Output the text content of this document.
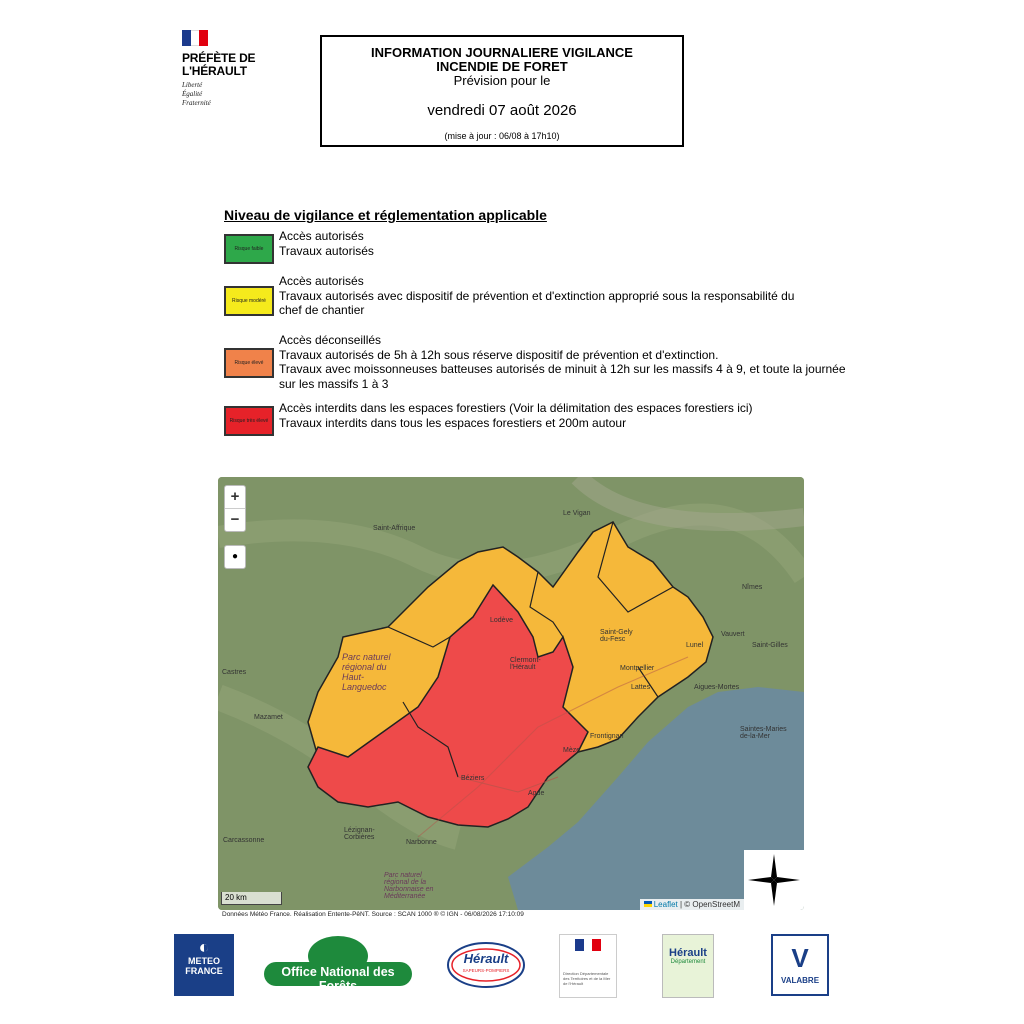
PRÉFÈTE DE L'HÉRAULT
Liberté
Égalité
Fraternité
INFORMATION JOURNALIERE VIGILANCE
INCENDIE DE FORET
Prévision pour le
vendredi 07 août 2026
(mise à jour : 06/08 à 17h10)
Niveau de vigilance et réglementation applicable
Risque faible
Accès autorisés
Travaux autorisés
Risque modéré
Accès autorisés
Travaux autorisés avec dispositif de prévention et d'extinction approprié sous la responsabilité du
chef de chantier
Risque élevé
Accès déconseillés
Travaux autorisés de 5h à 12h sous réserve dispositif de prévention et d'extinction.
Travaux avec moissonneuses batteuses autorisés de minuit à 12h sur les massifs 4 à 9, et toute la journée
sur les massifs 1 à 3
Risque très élevé
Accès interdits dans les espaces forestiers (Voir la délimitation des espaces forestiers ici)
Travaux interdits dans tous les espaces forestiers et 200m autour
Le Vigan
Saint-Affrique
Nîmes
Castres
Mazamet
Carcassonne	Narbonne
Béziers
Agde
Montpellier
Lodève
Saint-Gely du-Fesc
Clermont-l'Hérault
Lunel
Aigues-Mortes
Vauvert
Saint-Gilles
Lattes
Frontignan
Mèze
Saintes-Maries de-la-Mer
Lézignan-Corbières
Parc naturel régional du Haut-Languedoc
Parc naturel régional de la Narbonnaise en Méditerranée
+
−
●
20 km
Leaflet | © OpenStreetM
Données Météo France. Réalisation Entente-PêNT. Source : SCAN 1000 ® © IGN - 06/08/2026 17:10:09
◐
METEO FRANCE	Office National des Forêts
Hérault
SAPEURS-POMPIERS
Direction Départementale des Territoires et de la Mer de l'Hérault
Hérault
Département	V
VALABRE
